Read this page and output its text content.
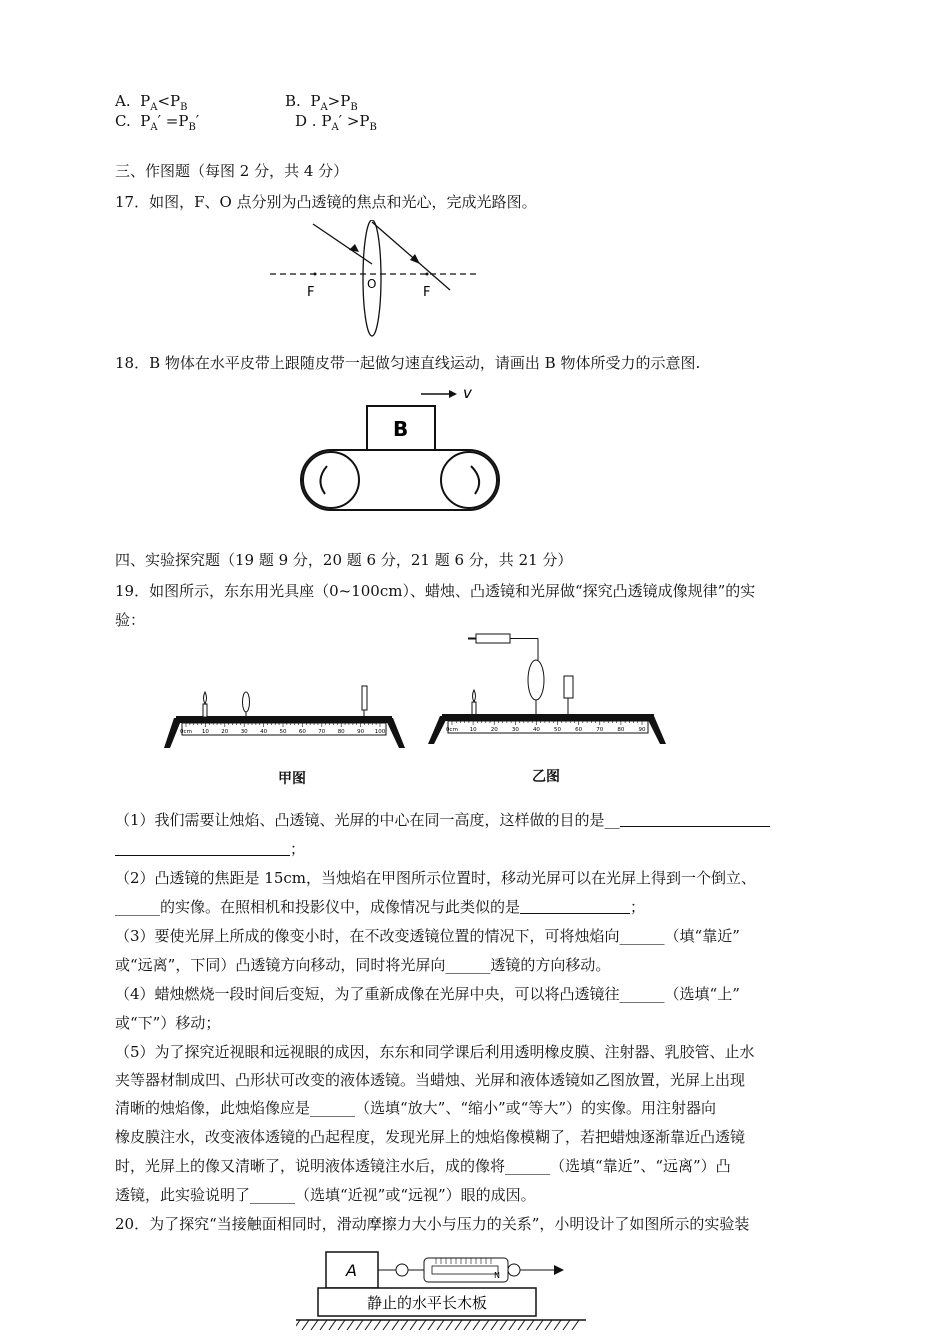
A. $P_A<P_B$	B. $P_A>P_B$
C. $P_A' =P_B'$	D . $P_A' >P_B$
三、作图题（每图 2 分，共 4 分）
17．如图，F、O 点分别为凸透镜的焦点和光心，完成光路图。
F
O
F
18．B 物体在水平皮带上跟随皮带一起做匀速直线运动，请画出 B 物体所受力的示意图.
B
v
四、实验探究题（19 题 9 分，20 题 6 分，21 题 6 分，共 21 分）
19．如图所示，东东用光具座（0~100cm）、蜡烛、凸透镜和光屏做“探究凸透镜成像规律”的实
验：
0cm 10 20 30 40 50 60 70 80 90 100
甲图
0cm 10	20	30	40	50	60	70	80	90
乙图
（1）我们需要让烛焰、凸透镜、光屏的中心在同一高度，这样做的目的是__
；
（2）凸透镜的焦距是 15cm，当烛焰在甲图所示位置时，移动光屏可以在光屏上得到一个倒立、
______的实像。在照相机和投影仪中，成像情况与此类似的是	；
（3）要使光屏上所成的像变小时，在不改变透镜位置的情况下，可将烛焰向______（填“靠近”
或“远离”，下同）凸透镜方向移动，同时将光屏向______透镜的方向移动。
（4）蜡烛燃烧一段时间后变短，为了重新成像在光屏中央，可以将凸透镜往______（选填“上”
或“下”）移动；
（5）为了探究近视眼和远视眼的成因，东东和同学课后利用透明橡皮膜、注射器、乳胶管、止水
夹等器材制成凹、凸形状可改变的液体透镜。当蜡烛、光屏和液体透镜如乙图放置，光屏上出现
清晰的烛焰像，此烛焰像应是______（选填“放大”、“缩小”或“等大”）的实像。用注射器向
橡皮膜注水，改变液体透镜的凸起程度，发现光屏上的烛焰像模糊了，若把蜡烛逐渐靠近凸透镜
时，光屏上的像又清晰了，说明液体透镜注水后，成的像将______（选填“靠近”、“远离”）凸
透镜，此实验说明了______（选填“近视”或“远视”）眼的成因。
20．为了探究“当接触面相同时，滑动摩擦力大小与压力的关系”，小明设计了如图所示的实验装
A	N
静止的水平长木板
